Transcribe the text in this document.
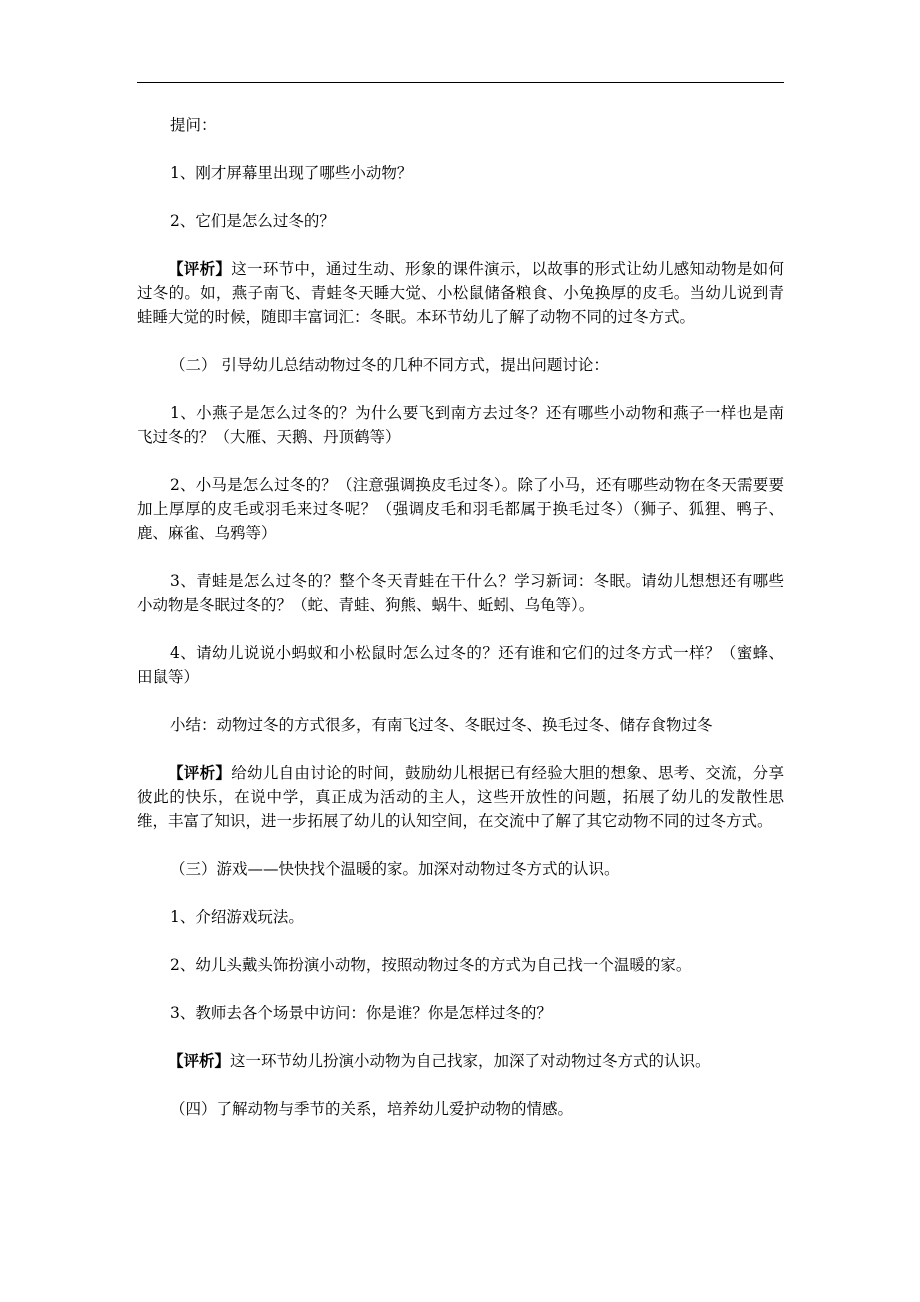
提问：

1、刚才屏幕里出现了哪些小动物？

2、它们是怎么过冬的？

【评析】这一环节中，通过生动、形象的课件演示，以故事的形式让幼儿感知动物是如何过冬的。如，燕子南飞、青蛙冬天睡大觉、小松鼠储备粮食、小兔换厚的皮毛。当幼儿说到青蛙睡大觉的时候，随即丰富词汇：冬眠。本环节幼儿了解了动物不同的过冬方式。

（二） 引导幼儿总结动物过冬的几种不同方式，提出问题讨论：

1、小燕子是怎么过冬的？为什么要飞到南方去过冬？还有哪些小动物和燕子一样也是南飞过冬的？（大雁、天鹅、丹顶鹤等）

2、小马是怎么过冬的？（注意强调换皮毛过冬）。除了小马，还有哪些动物在冬天需要要加上厚厚的皮毛或羽毛来过冬呢？（强调皮毛和羽毛都属于换毛过冬）（狮子、狐狸、鸭子、鹿、麻雀、乌鸦等）

3、青蛙是怎么过冬的？整个冬天青蛙在干什么？学习新词：冬眠。请幼儿想想还有哪些小动物是冬眠过冬的？（蛇、青蛙、狗熊、蜗牛、蚯蚓、乌龟等）。

4、请幼儿说说小蚂蚁和小松鼠时怎么过冬的？还有谁和它们的过冬方式一样？（蜜蜂、田鼠等）

小结：动物过冬的方式很多，有南飞过冬、冬眠过冬、换毛过冬、储存食物过冬

【评析】给幼儿自由讨论的时间，鼓励幼儿根据已有经验大胆的想象、思考、交流，分享彼此的快乐，在说中学，真正成为活动的主人，这些开放性的问题，拓展了幼儿的发散性思维，丰富了知识，进一步拓展了幼儿的认知空间，在交流中了解了其它动物不同的过冬方式。

（三）游戏——快快找个温暖的家。加深对动物过冬方式的认识。

1、介绍游戏玩法。

2、幼儿头戴头饰扮演小动物，按照动物过冬的方式为自己找一个温暖的家。

3、教师去各个场景中访问：你是谁？你是怎样过冬的？

【评析】这一环节幼儿扮演小动物为自己找家，加深了对动物过冬方式的认识。

（四）了解动物与季节的关系，培养幼儿爱护动物的情感。
